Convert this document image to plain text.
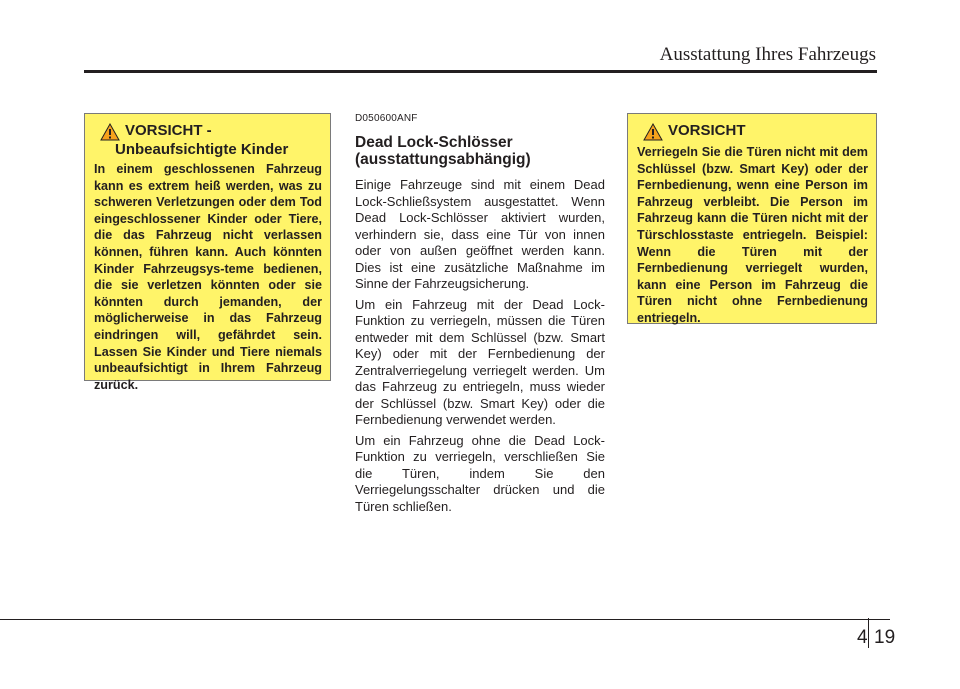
Ausstattung Ihres Fahrzeugs
VORSICHT -
Unbeaufsichtigte Kinder
In einem geschlossenen Fahrzeug kann es extrem heiß werden, was zu schweren Verletzungen oder dem Tod eingeschlossener Kinder oder Tiere, die das Fahrzeug nicht verlassen können, führen kann. Auch könnten Kinder Fahrzeugsys-teme bedienen, die sie verletzen könnten oder sie könnten durch jemanden, der möglicherweise in das Fahrzeug eindringen will, gefährdet sein. Lassen Sie Kinder und Tiere niemals unbeaufsichtigt in Ihrem Fahrzeug zurück.
D050600ANF
Dead Lock-Schlösser (ausstattungsabhängig)

Einige Fahrzeuge sind mit einem Dead Lock-Schließsystem ausgestattet. Wenn Dead Lock-Schlösser aktiviert wurden, verhindern sie, dass eine Tür von innen oder von außen geöffnet werden kann. Dies ist eine zusätzliche Maßnahme im Sinne der Fahrzeugsicherung.

Um ein Fahrzeug mit der Dead Lock-Funktion zu verriegeln, müssen die Türen entweder mit dem Schlüssel (bzw. Smart Key) oder mit der Fernbedienung der Zentralverriegelung verriegelt werden. Um das Fahrzeug zu entriegeln, muss wieder der Schlüssel (bzw. Smart Key) oder die Fernbedienung verwendet werden.

Um ein Fahrzeug ohne die Dead Lock-Funktion zu verriegeln, verschließen Sie die Türen, indem Sie den Verriegelungsschalter drücken und die Türen schließen.

VORSICHT
Verriegeln Sie die Türen nicht mit dem Schlüssel (bzw. Smart Key) oder der Fernbedienung, wenn eine Person im Fahrzeug verbleibt. Die Person im Fahrzeug kann die Türen nicht mit der Türschlosstaste entriegeln. Beispiel: Wenn die Türen mit der Fernbedienung verriegelt wurden, kann eine Person im Fahrzeug die Türen nicht ohne Fernbedienung entriegeln.
4 19
